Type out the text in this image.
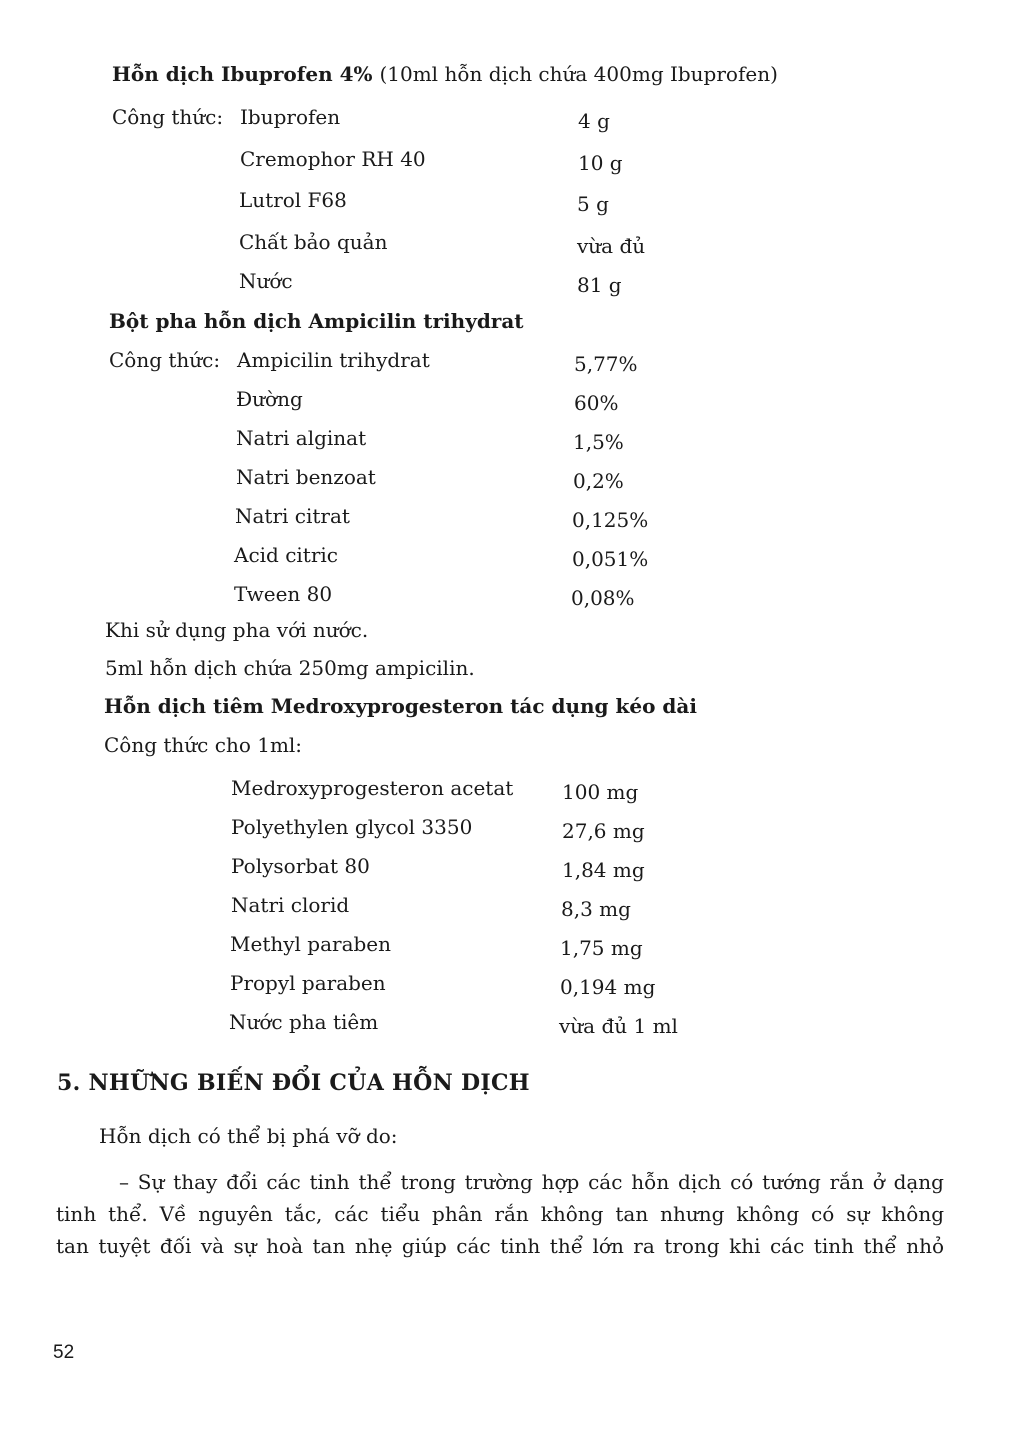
Hỗn dịch Ibuprofen 4% (10ml hỗn dịch chứa 400mg Ibuprofen)
Công thức: Ibuprofen	4 g
Cremophor RH 40	10 g
Lutrol F68	5 g
Chất bảo quản	vừa đủ
Nước	81 g
Bột pha hỗn dịch Ampicilin trihydrat
Công thức: Ampicilin trihydrat	5,77%
Đường	60%
Natri alginat	1,5%
Natri benzoat	0,2%
Natri citrat	0,125%
Acid citric	0,051%
Tween 80	0,08%
Khi sử dụng pha với nước.
5ml hỗn dịch chứa 250mg ampicilin.
Hỗn dịch tiêm Medroxyprogesteron tác dụng kéo dài
Công thức cho 1ml:
Medroxyprogesteron acetat 100 mg
Polyethylen glycol 3350	27,6 mg
Polysorbat 80	1,84 mg
Natri clorid	8,3 mg
Methyl paraben	1,75 mg
Propyl paraben	0,194 mg
Nước pha tiêm	vừa đủ 1 ml
5. NHỮNG BIẾN ĐỔI CỦA HỖN DỊCH
Hỗn dịch có thể bị phá vỡ do:
– Sự thay đổi các tinh thể trong trường hợp các hỗn dịch có tướng rắn ở dạng
tinh thể. Về nguyên tắc, các tiểu phân rắn không tan nhưng không có sự không
tan tuyệt đối và sự hoà tan nhẹ giúp các tinh thể lớn ra trong khi các tinh thể nhỏ
52
